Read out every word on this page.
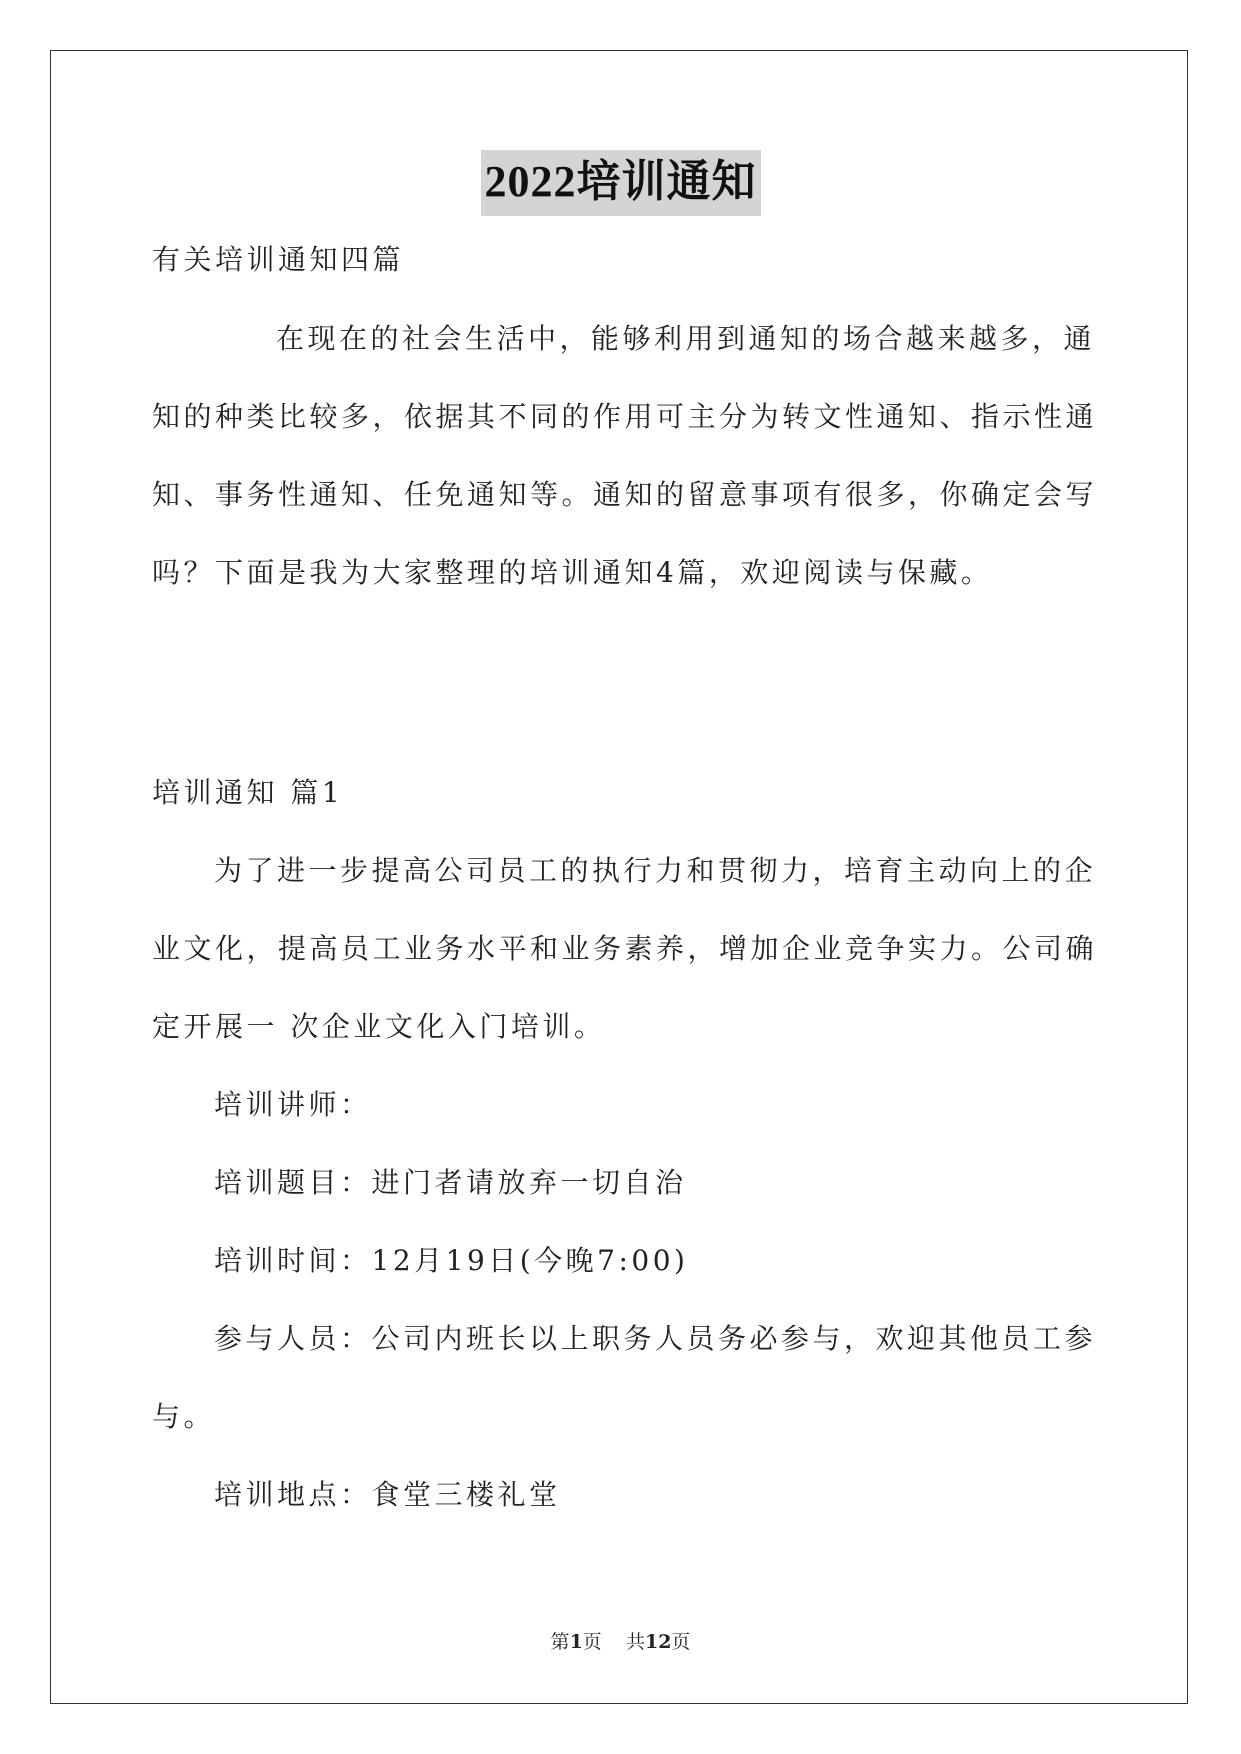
2022培训通知
有关培训通知四篇
在现在的社会生活中，能够利用到通知的场合越来越多，通
知的种类比较多，依据其不同的作用可主分为转文性通知、指示性通
知、事务性通知、任免通知等。通知的留意事项有很多，你确定会写
吗？下面是我为大家整理的培训通知4篇，欢迎阅读与保藏。
培训通知 篇1
为了进一步提高公司员工的执行力和贯彻力，培育主动向上的企
业文化，提高员工业务水平和业务素养，增加企业竞争实力。公司确
定开展一 次企业文化入门培训。
培训讲师：
培训题目：进门者请放弃一切自治
培训时间：12月19日(今晚7:00)
参与人员：公司内班长以上职务人员务必参与，欢迎其他员工参
与。
培训地点：食堂三楼礼堂
第1页    共12页
